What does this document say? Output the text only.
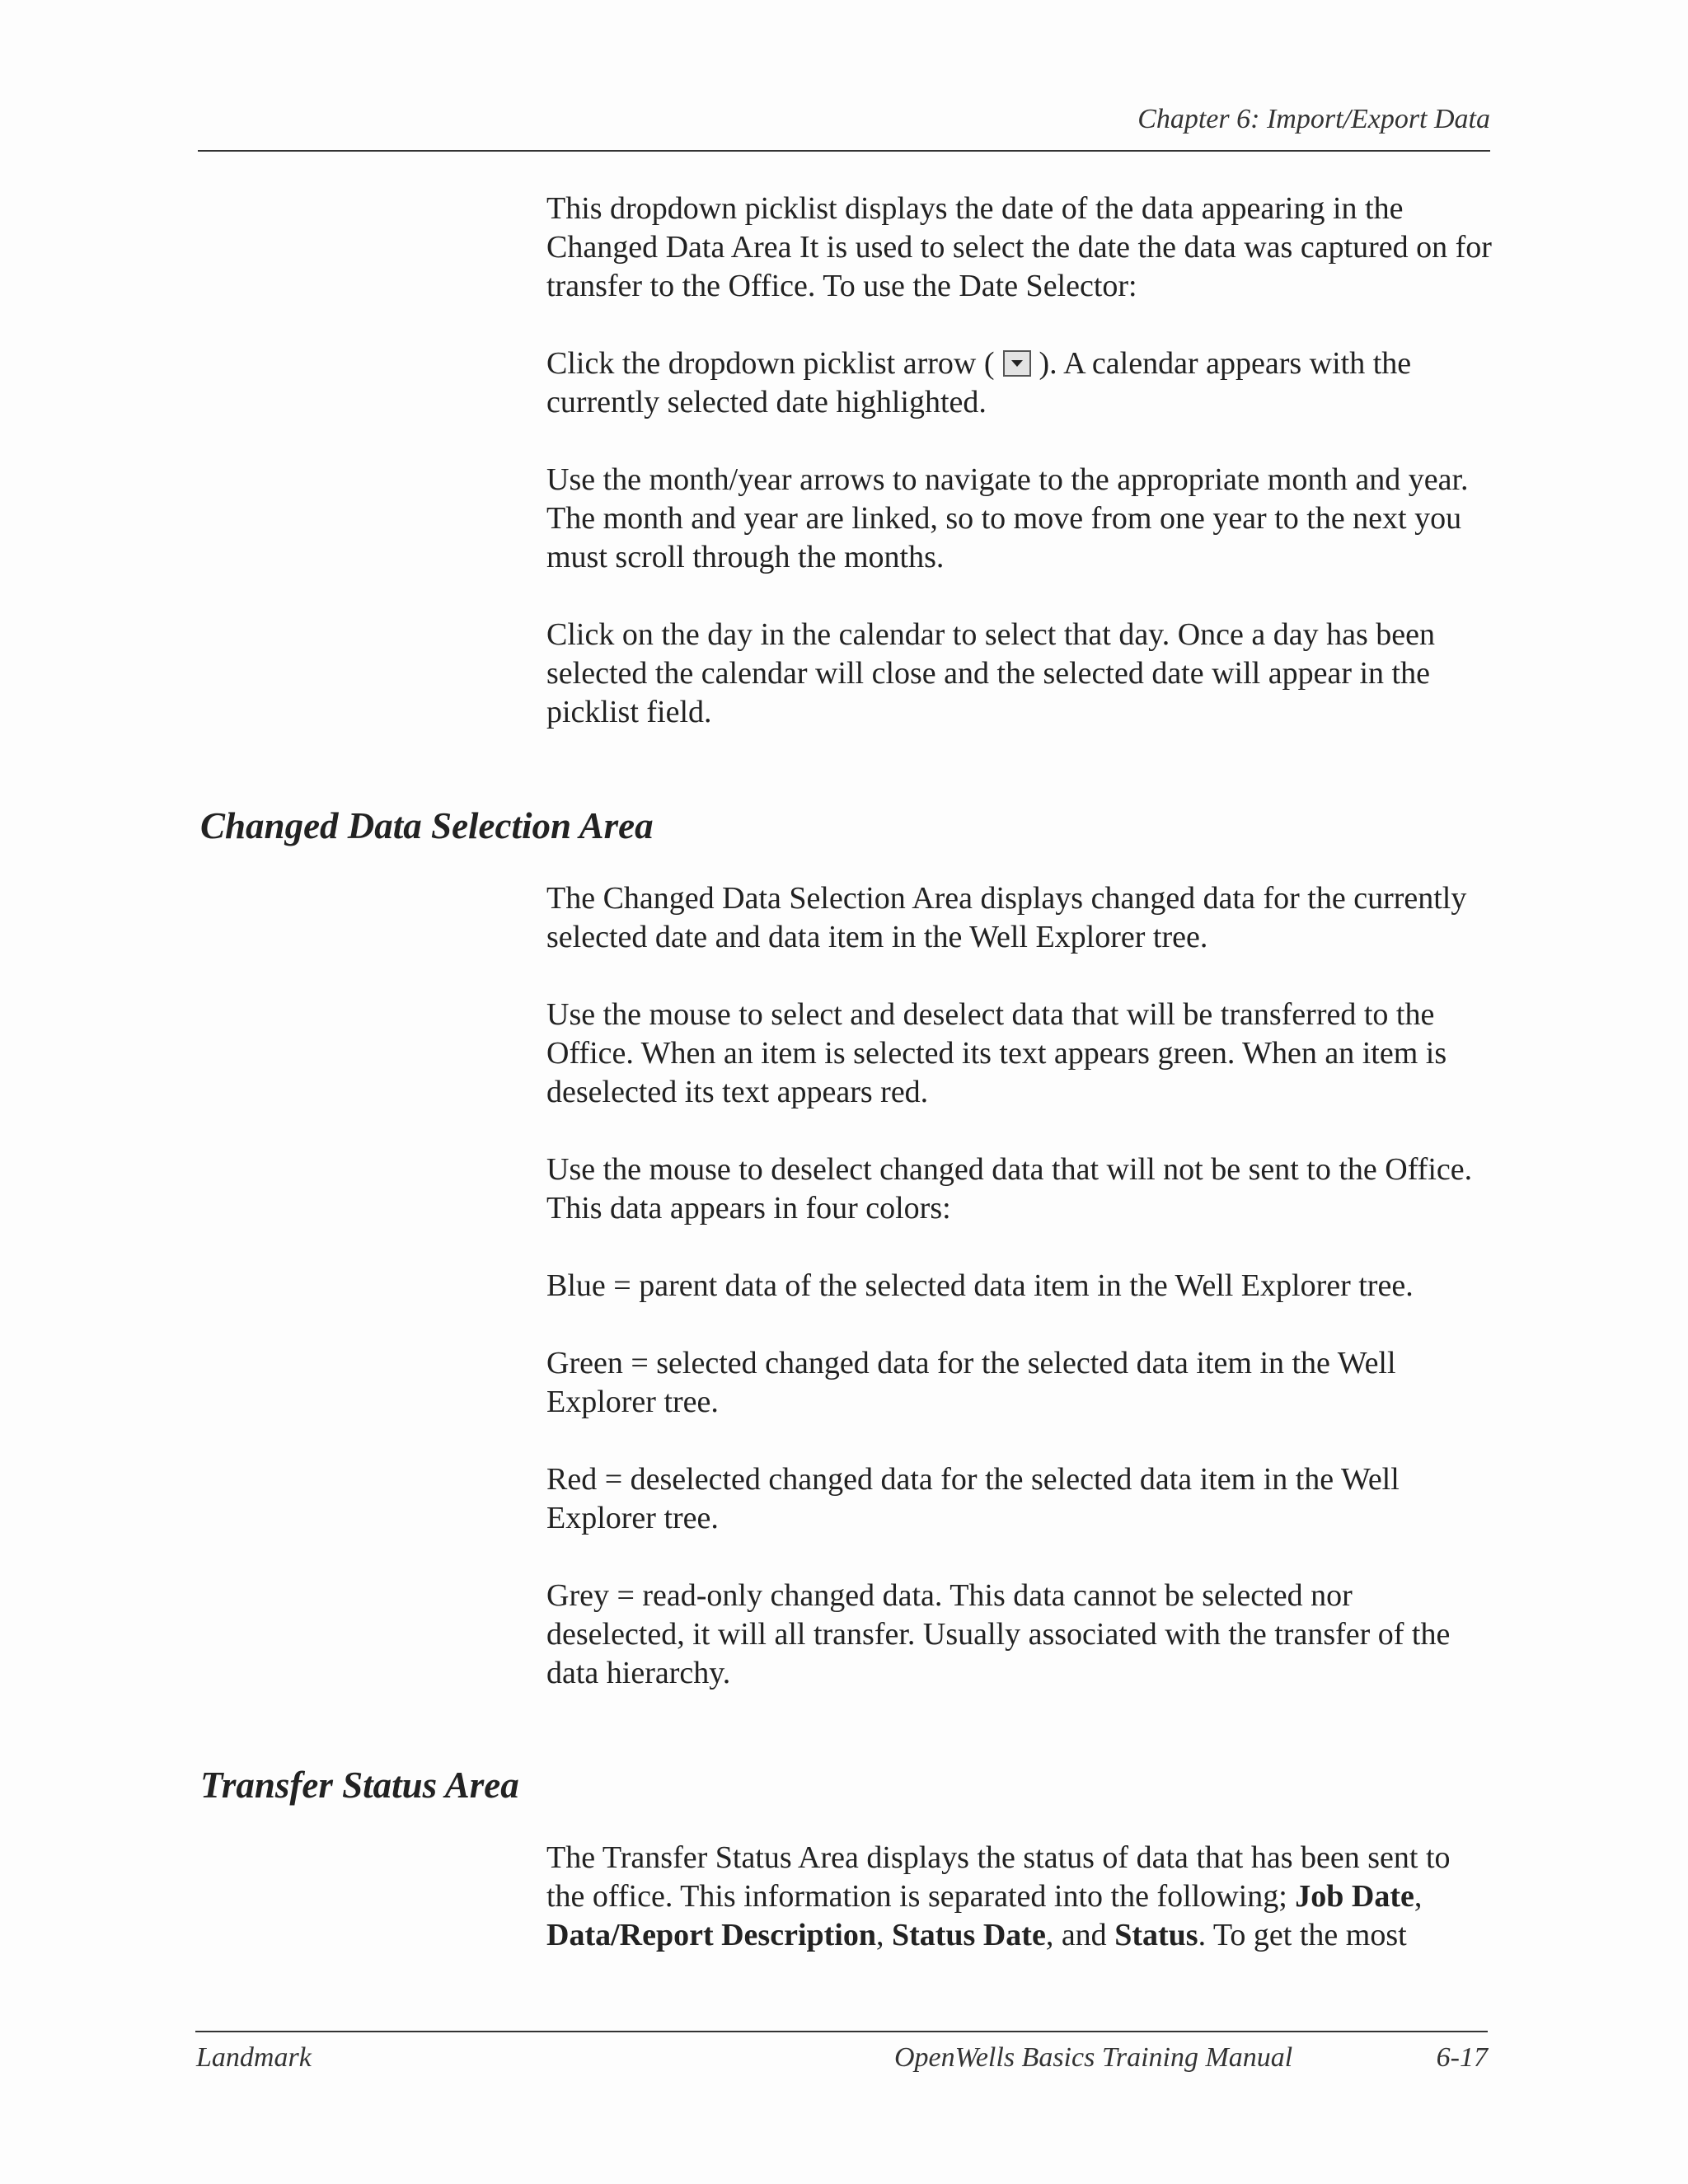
Chapter 6: Import/Export Data

This dropdown picklist displays the date of the data appearing in the Changed Data Area It is used to select the date the data was captured on for transfer to the Office. To use the Date Selector:

Click the dropdown picklist arrow ( ). A calendar appears with the currently selected date highlighted.

Use the month/year arrows to navigate to the appropriate month and year. The month and year are linked, so to move from one year to the next you must scroll through the months.

Click on the day in the calendar to select that day. Once a day has been selected the calendar will close and the selected date will appear in the picklist field.

Changed Data Selection Area

The Changed Data Selection Area displays changed data for the currently selected date and data item in the Well Explorer tree.

Use the mouse to select and deselect data that will be transferred to the Office. When an item is selected its text appears green. When an item is deselected its text appears red.

Use the mouse to deselect changed data that will not be sent to the Office. This data appears in four colors:

Blue = parent data of the selected data item in the Well Explorer tree.

Green = selected changed data for the selected data item in the Well Explorer tree.

Red = deselected changed data for the selected data item in the Well Explorer tree.

Grey = read-only changed data. This data cannot be selected nor deselected, it will all transfer. Usually associated with the transfer of the data hierarchy.

Transfer Status Area

The Transfer Status Area displays the status of data that has been sent to the office. This information is separated into the following; Job Date, Data/Report Description, Status Date, and Status. To get the most

Landmark	OpenWells Basics Training Manual	6-17
